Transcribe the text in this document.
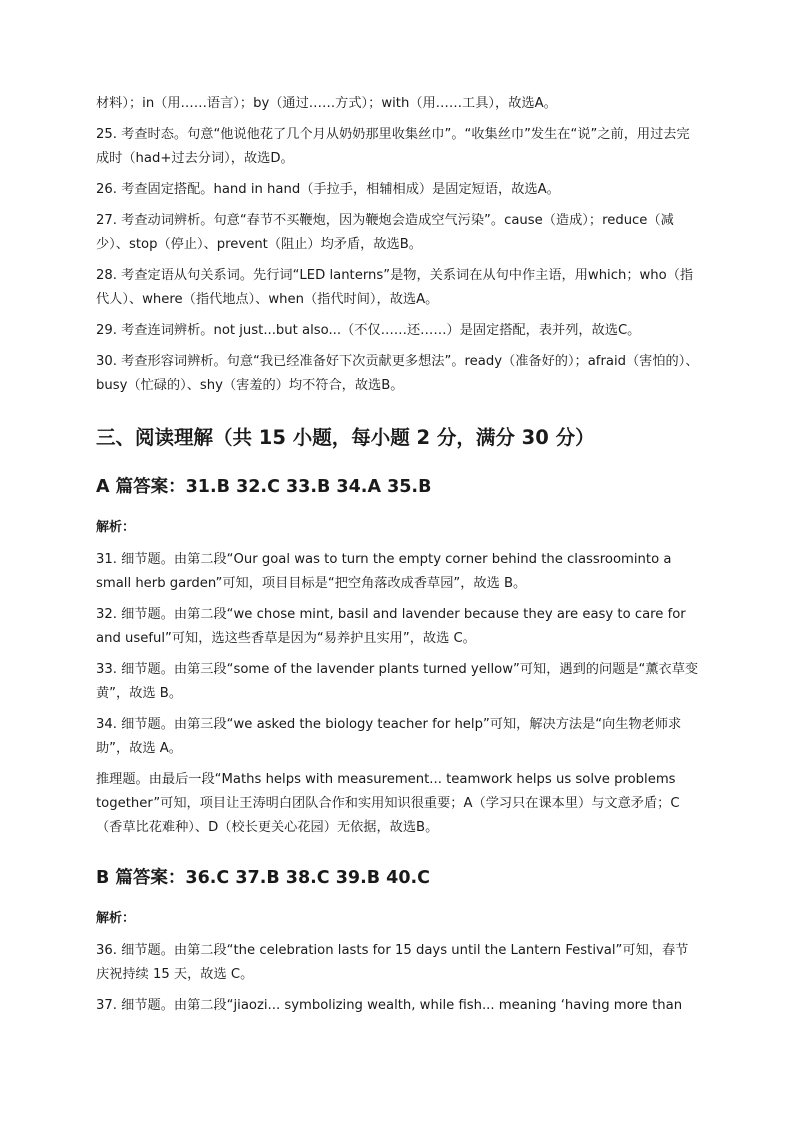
材料）；in（用……语言）；by（通过……方式）；with（用……工具），故选A。

25. 考查时态。句意“他说他花了几个月从奶奶那里收集丝巾”。“收集丝巾”发生在“说”之前，用过去完成时（had+过去分词），故选D。

26. 考查固定搭配。hand in hand（手拉手，相辅相成）是固定短语，故选A。

27. 考查动词辨析。句意“春节不买鞭炮，因为鞭炮会造成空气污染”。cause（造成）；reduce（减少）、stop（停止）、prevent（阻止）均矛盾，故选B。

28. 考查定语从句关系词。先行词“LED lanterns”是物，关系词在从句中作主语，用which；who（指代人）、where（指代地点）、when（指代时间），故选A。

29. 考查连词辨析。not just...but also...（不仅……还……）是固定搭配，表并列，故选C。

30. 考查形容词辨析。句意“我已经准备好下次贡献更多想法”。ready（准备好的）；afraid（害怕的）、busy（忙碌的）、shy（害羞的）均不符合，故选B。

三、阅读理解（共 15 小题，每小题 2 分，满分 30 分）
A 篇答案：31.B 32.C 33.B 34.A 35.B
解析：

31. 细节题。由第二段“Our goal was to turn the empty corner behind the classroominto a small herb garden”可知，项目目标是“把空角落改成香草园”，故选 B。

32. 细节题。由第二段“we chose mint, basil and lavender because they are easy to care for and useful”可知，选这些香草是因为“易养护且实用”，故选 C。

33. 细节题。由第三段“some of the lavender plants turned yellow”可知，遇到的问题是“薰衣草变黄”，故选 B。

34. 细节题。由第三段“we asked the biology teacher for help”可知，解决方法是“向生物老师求助”，故选 A。

推理题。由最后一段“Maths helps with measurement... teamwork helps us solve problems together”可知，项目让王涛明白团队合作和实用知识很重要；A（学习只在课本里）与文意矛盾；C（香草比花难种）、D（校长更关心花园）无依据，故选B。

B 篇答案：36.C 37.B 38.C 39.B 40.C
解析：

36. 细节题。由第二段“the celebration lasts for 15 days until the Lantern Festival”可知，春节庆祝持续 15 天，故选 C。

37. 细节题。由第二段“jiaozi... symbolizing wealth, while fish... meaning ‘having more than
